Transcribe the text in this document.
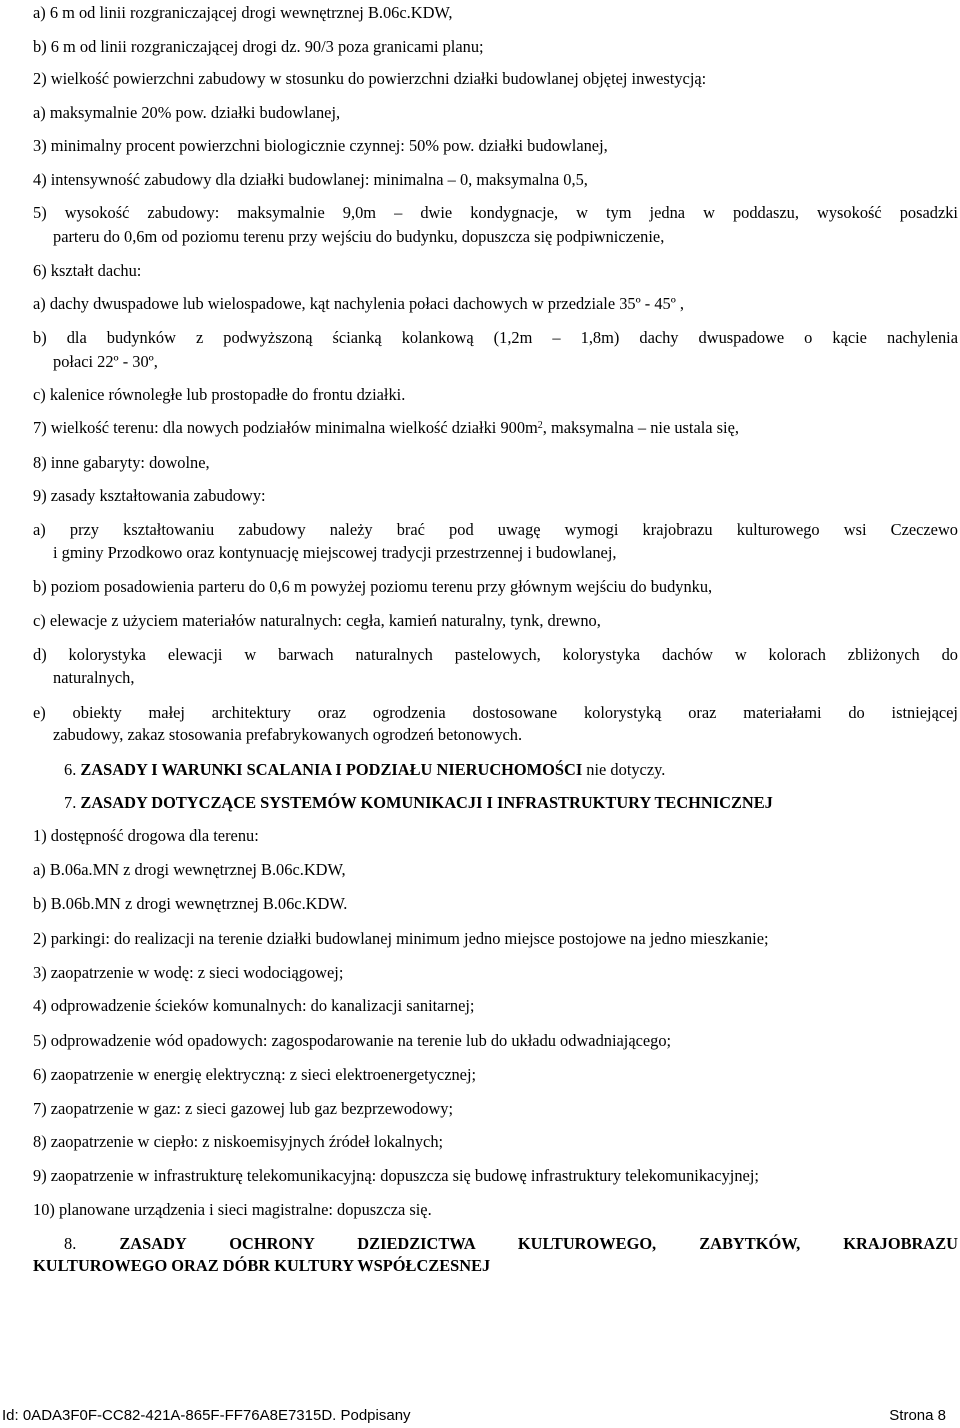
a) 6 m od linii rozgraniczającej drogi wewnętrznej B.06c.KDW,
b) 6 m od linii rozgraniczającej drogi dz. 90/3 poza granicami planu;
2) wielkość powierzchni zabudowy w stosunku do powierzchni działki budowlanej objętej inwestycją:
a) maksymalnie 20% pow. działki budowlanej,
3) minimalny procent powierzchni biologicznie czynnej: 50% pow. działki budowlanej,
4) intensywność zabudowy dla działki budowlanej: minimalna – 0, maksymalna 0,5,
5) wysokość zabudowy: maksymalnie 9,0m – dwie kondygnacje, w tym jedna w poddaszu, wysokość posadzki
parteru do 0,6m od poziomu terenu przy wejściu do budynku, dopuszcza się podpiwniczenie,
6) kształt dachu:
a) dachy dwuspadowe lub wielospadowe, kąt nachylenia połaci dachowych w przedziale 35º - 45º ,
b) dla budynków z podwyższoną ścianką kolankową (1,2m – 1,8m) dachy dwuspadowe o kącie nachylenia
połaci 22º - 30º,
c) kalenice równoległe lub prostopadłe do frontu działki.
7) wielkość terenu: dla nowych podziałów minimalna wielkość działki $900m^2$, maksymalna – nie ustala się,
8) inne gabaryty: dowolne,
9) zasady kształtowania zabudowy:
a) przy kształtowaniu zabudowy należy brać pod uwagę wymogi krajobrazu kulturowego wsi Czeczewo
i gminy Przodkowo oraz kontynuację miejscowej tradycji przestrzennej i budowlanej,
b) poziom posadowienia parteru do 0,6 m powyżej poziomu terenu przy głównym wejściu do budynku,
c) elewacje z użyciem materiałów naturalnych: cegła, kamień naturalny, tynk, drewno,
d) kolorystyka elewacji w barwach naturalnych pastelowych, kolorystyka dachów w kolorach zbliżonych do
naturalnych,
e) obiekty małej architektury oraz ogrodzenia dostosowane kolorystyką oraz materiałami do istniejącej
zabudowy, zakaz stosowania prefabrykowanych ogrodzeń betonowych.
6. ZASADY I WARUNKI SCALANIA I PODZIAŁU NIERUCHOMOŚCI nie dotyczy.
7. ZASADY DOTYCZĄCE SYSTEMÓW KOMUNIKACJI I INFRASTRUKTURY TECHNICZNEJ
1) dostępność drogowa dla terenu:
a) B.06a.MN z drogi wewnętrznej B.06c.KDW,
b) B.06b.MN z drogi wewnętrznej B.06c.KDW.
2) parkingi: do realizacji na terenie działki budowlanej minimum jedno miejsce postojowe na jedno mieszkanie;
3) zaopatrzenie w wodę: z sieci wodociągowej;
4) odprowadzenie ścieków komunalnych: do kanalizacji sanitarnej;
5) odprowadzenie wód opadowych: zagospodarowanie na terenie lub do układu odwadniającego;
6) zaopatrzenie w energię elektryczną: z sieci elektroenergetycznej;
7) zaopatrzenie w gaz: z sieci gazowej lub gaz bezprzewodowy;
8) zaopatrzenie w ciepło: z niskoemisyjnych źródeł lokalnych;
9) zaopatrzenie w infrastrukturę telekomunikacyjną: dopuszcza się budowę infrastruktury telekomunikacyjnej;
10) planowane urządzenia i sieci magistralne: dopuszcza się.
8. ZASADY OCHRONY DZIEDZICTWA KULTUROWEGO, ZABYTKÓW, KRAJOBRAZU
KULTUROWEGO ORAZ DÓBR KULTURY WSPÓŁCZESNEJ
Id: 0ADA3F0F-CC82-421A-865F-FF76A8E7315D. Podpisany	Strona 8
